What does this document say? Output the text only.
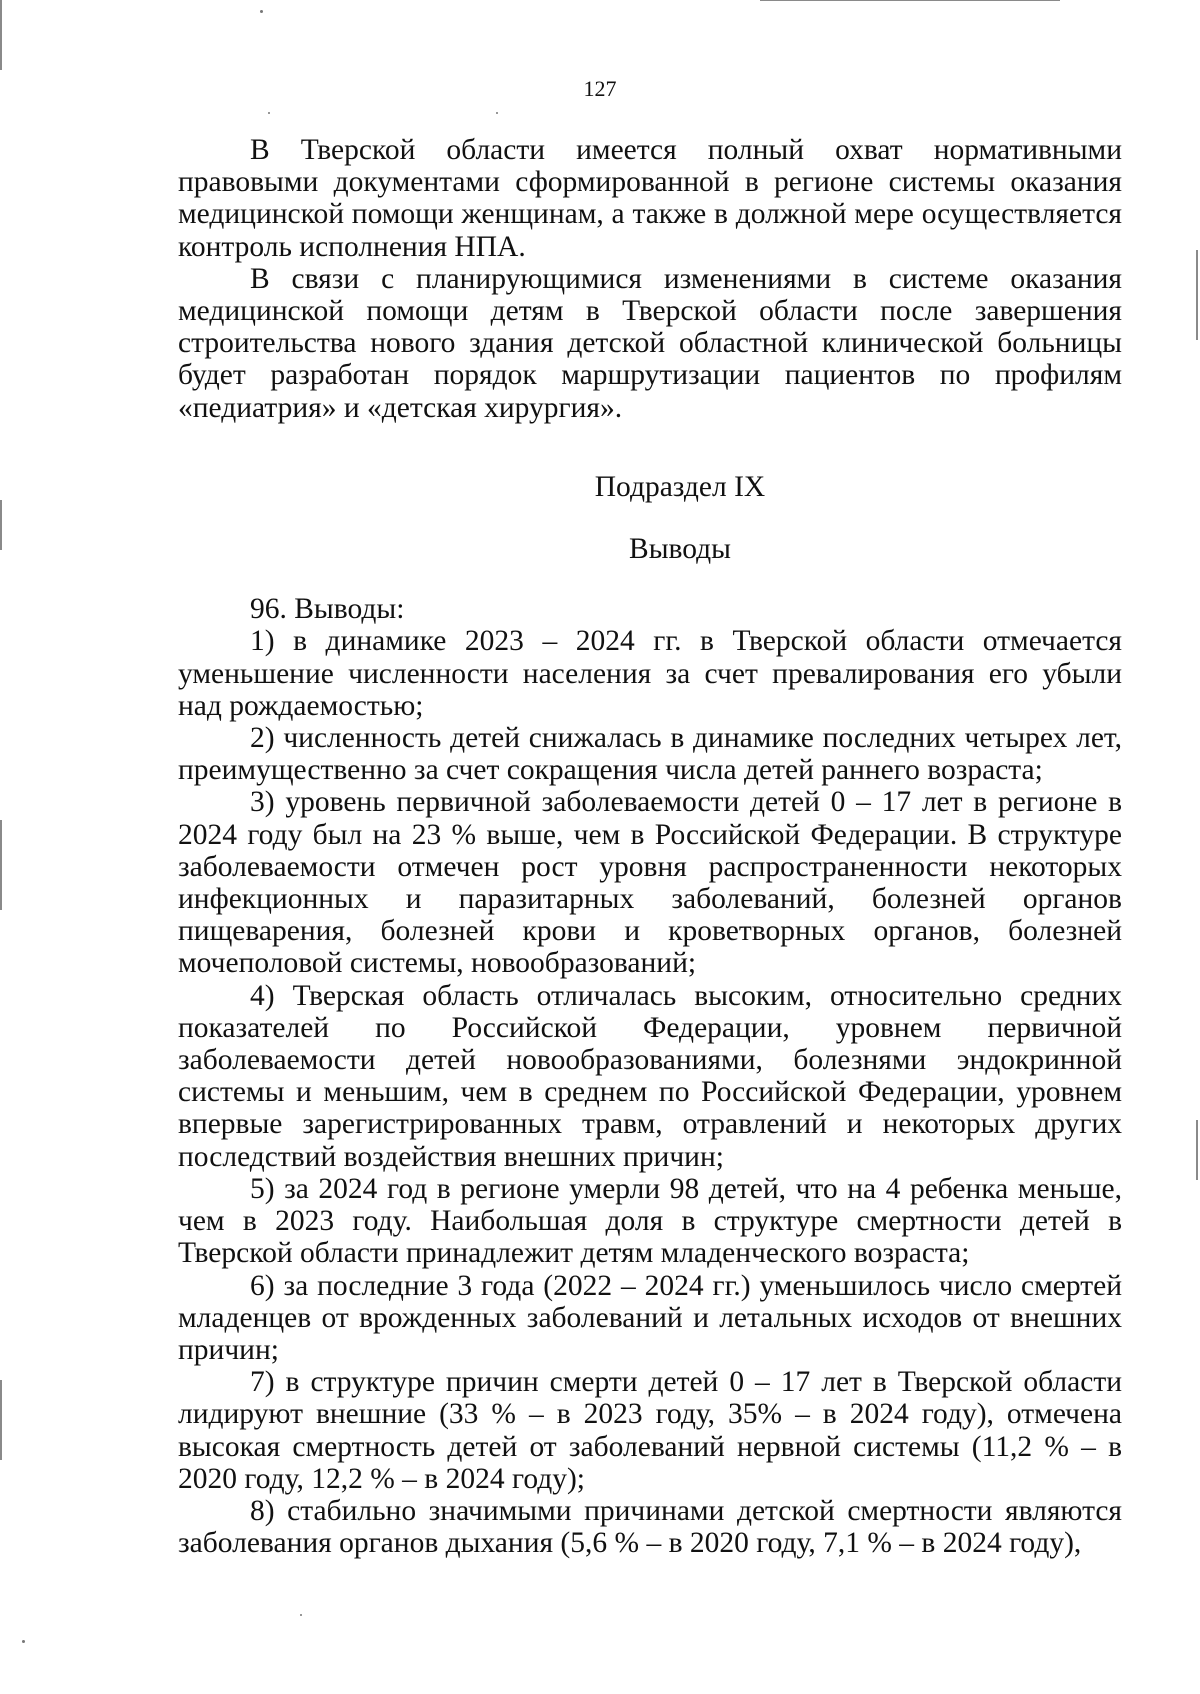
127

В Тверской области имеется полный охват нормативными правовыми документами сформированной в регионе системы оказания медицинской помощи женщинам, а также в должной мере осуществляется контроль исполнения НПА.

В связи с планирующимися изменениями в системе оказания медицинской помощи детям в Тверской области после завершения строительства нового здания детской областной клинической больницы будет разработан порядок маршрутизации пациентов по профилям «педиатрия» и «детская хирургия».

Подраздел IX

Выводы

96. Выводы:

1) в динамике 2023 – 2024 гг. в Тверской области отмечается уменьшение численности населения за счет превалирования его убыли над рождаемостью;

2) численность детей снижалась в динамике последних четырех лет, преимущественно за счет сокращения числа детей раннего возраста;

3) уровень первичной заболеваемости детей 0 – 17 лет в регионе в 2024 году был на 23 % выше, чем в Российской Федерации. В структуре заболеваемости отмечен рост уровня распространенности некоторых инфекционных и паразитарных заболеваний, болезней органов пищеварения, болезней крови и кроветворных органов, болезней мочеполовой системы, новообразований;

4) Тверская область отличалась высоким, относительно средних показателей по Российской Федерации, уровнем первичной заболеваемости детей новообразованиями, болезнями эндокринной системы и меньшим, чем в среднем по Российской Федерации, уровнем впервые зарегистрированных травм, отравлений и некоторых других последствий воздействия внешних причин;

5) за 2024 год в регионе умерли 98 детей, что на 4 ребенка меньше, чем в 2023 году. Наибольшая доля в структуре смертности детей в Тверской области принадлежит детям младенческого возраста;

6) за последние 3 года (2022 – 2024 гг.) уменьшилось число смертей младенцев от врожденных заболеваний и летальных исходов от внешних причин;

7) в структуре причин смерти детей 0 – 17 лет в Тверской области лидируют внешние (33 % – в 2023 году, 35% – в 2024 году), отмечена высокая смертность детей от заболеваний нервной системы (11,2 % – в 2020 году, 12,2 % – в 2024 году);

8) стабильно значимыми причинами детской смертности являются заболевания органов дыхания (5,6 % – в 2020 году, 7,1 % – в 2024 году),
